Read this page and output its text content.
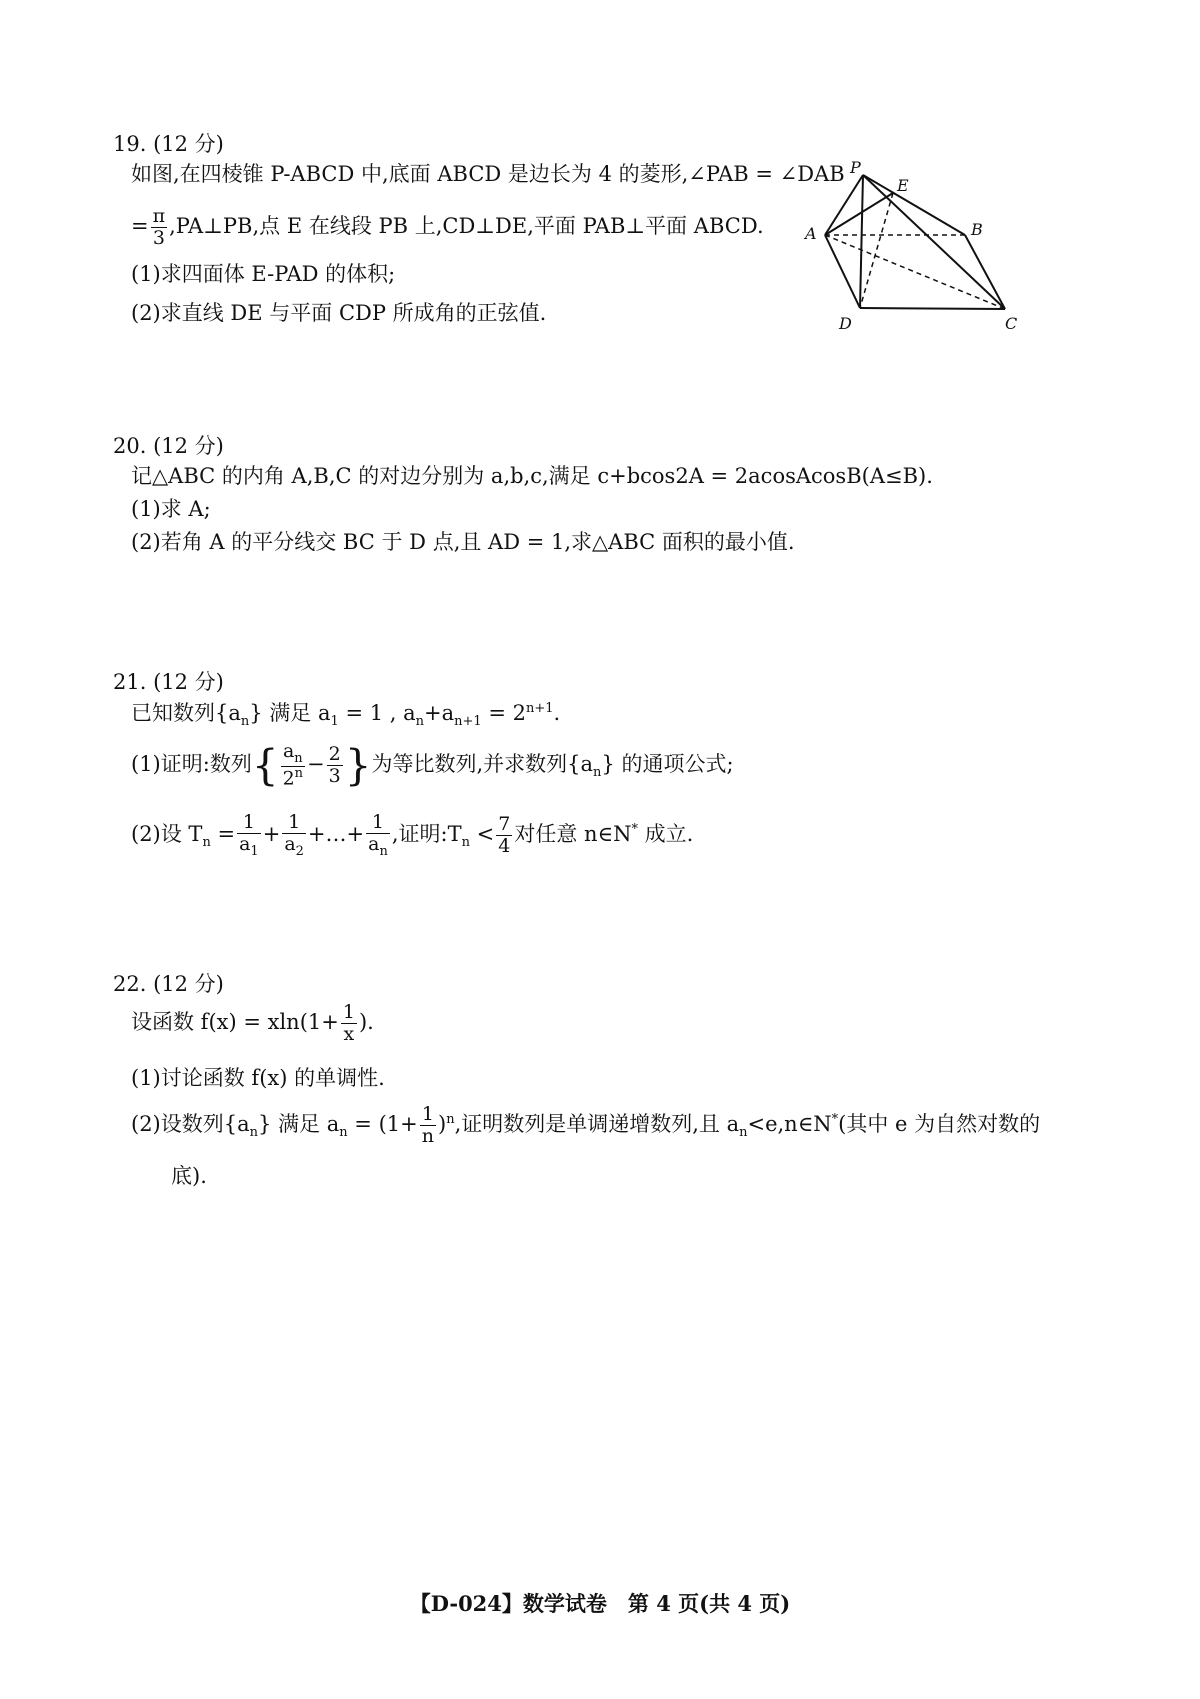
19. (12 分)
如图,在四棱锥 P-ABCD 中,底面 ABCD 是边长为 4 的菱形,∠PAB = ∠DAB
= $\frac{\pi}{3}$ ,PA⊥PB,点 E 在线段 PB 上,CD⊥DE,平面 PAB⊥平面 ABCD.
(1)求四面体 E-PAD 的体积;
(2)求直线 DE 与平面 CDP 所成角的正弦值.
P
E
A	B
D	C
20. (12 分)
记△ABC 的内角 A,B,C 的对边分别为 a,b,c,满足 c+bcos2A = 2acosAcosB(A≤B).
(1)求 A;
(2)若角 A 的平分线交 BC 于 D 点,且 AD = 1,求△ABC 面积的最小值.
21. (12 分)
已知数列$\{a_n\}$ 满足 $a_1 = 1$ , $a_n+a_{n+1} = 2^{n+1}$.
(1)证明:数列{ $\frac{a_n}{2^n} - \frac{2}{3}$ }为等比数列,并求数列$\{a_n\}$ 的通项公式;
(2)设 $T_n = \frac{1}{a_1} + \frac{1}{a_2}$ +…+ $\frac{1}{a_n}$ ,证明$:T_n < \frac{7}{4}$ 对任意 n∈N* 成立.
22. (12 分)
设函数 $f(x) = xln(1+ \frac{1}{x}$ ).
(1)讨论函数 f(x) 的单调性.
(2)设数列$\{a_n\}$ 满足 $a_n = (1+ \frac{1}{n} )^n$,证明数列是单调递增数列,且 $a_n<e,n\in N^*$(其中 e 为自然对数的
底).
【D-024】数学试卷　第 4 页(共 4 页)
